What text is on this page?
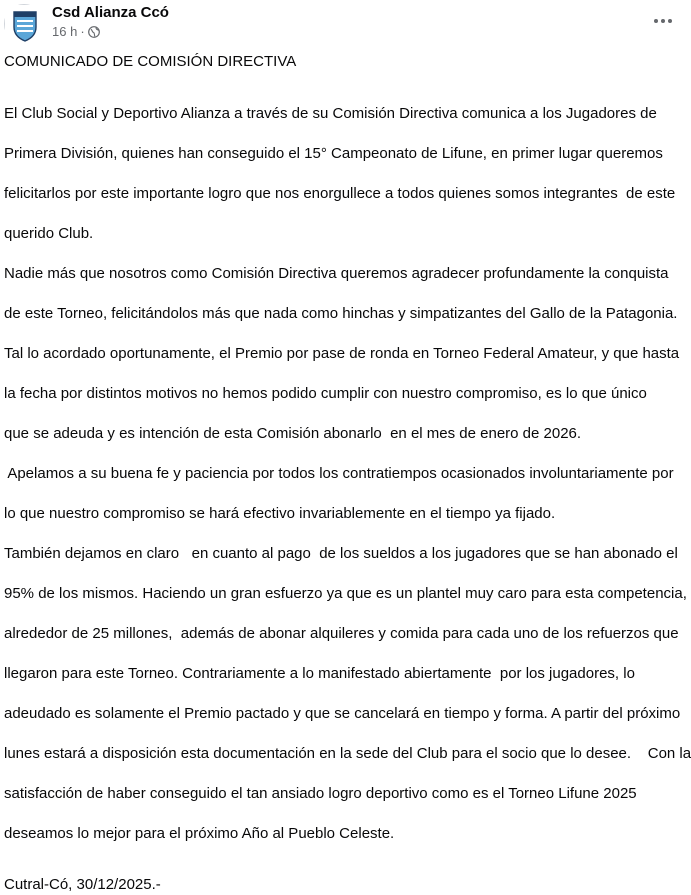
Csd Alianza Ccó
16 h ·

COMUNICADO DE COMISIÓN DIRECTIVA

El Club Social y Deportivo Alianza a través de su Comisión Directiva comunica a los Jugadores de

Primera División, quienes han conseguido el 15° Campeonato de Lifune, en primer lugar queremos

felicitarlos por este importante logro que nos enorgullece a todos quienes somos integrantes  de este

querido Club.

Nadie más que nosotros como Comisión Directiva queremos agradecer profundamente la conquista

de este Torneo, felicitándolos más que nada como hinchas y simpatizantes del Gallo de la Patagonia.

Tal lo acordado oportunamente, el Premio por pase de ronda en Torneo Federal Amateur, y que hasta

la fecha por distintos motivos no hemos podido cumplir con nuestro compromiso, es lo que único

que se adeuda y es intención de esta Comisión abonarlo  en el mes de enero de 2026.

Apelamos a su buena fe y paciencia por todos los contratiempos ocasionados involuntariamente por

lo que nuestro compromiso se hará efectivo invariablemente en el tiempo ya fijado.

También dejamos en claro   en cuanto al pago  de los sueldos a los jugadores que se han abonado el

95% de los mismos. Haciendo un gran esfuerzo ya que es un plantel muy caro para esta competencia,

alrededor de 25 millones,  además de abonar alquileres y comida para cada uno de los refuerzos que

llegaron para este Torneo. Contrariamente a lo manifestado abiertamente  por los jugadores, lo

adeudado es solamente el Premio pactado y que se cancelará en tiempo y forma. A partir del próximo

lunes estará a disposición esta documentación en la sede del Club para el socio que lo desee.    Con la

satisfacción de haber conseguido el tan ansiado logro deportivo como es el Torneo Lifune 2025

deseamos lo mejor para el próximo Año al Pueblo Celeste.

Cutral-Có, 30/12/2025.-
